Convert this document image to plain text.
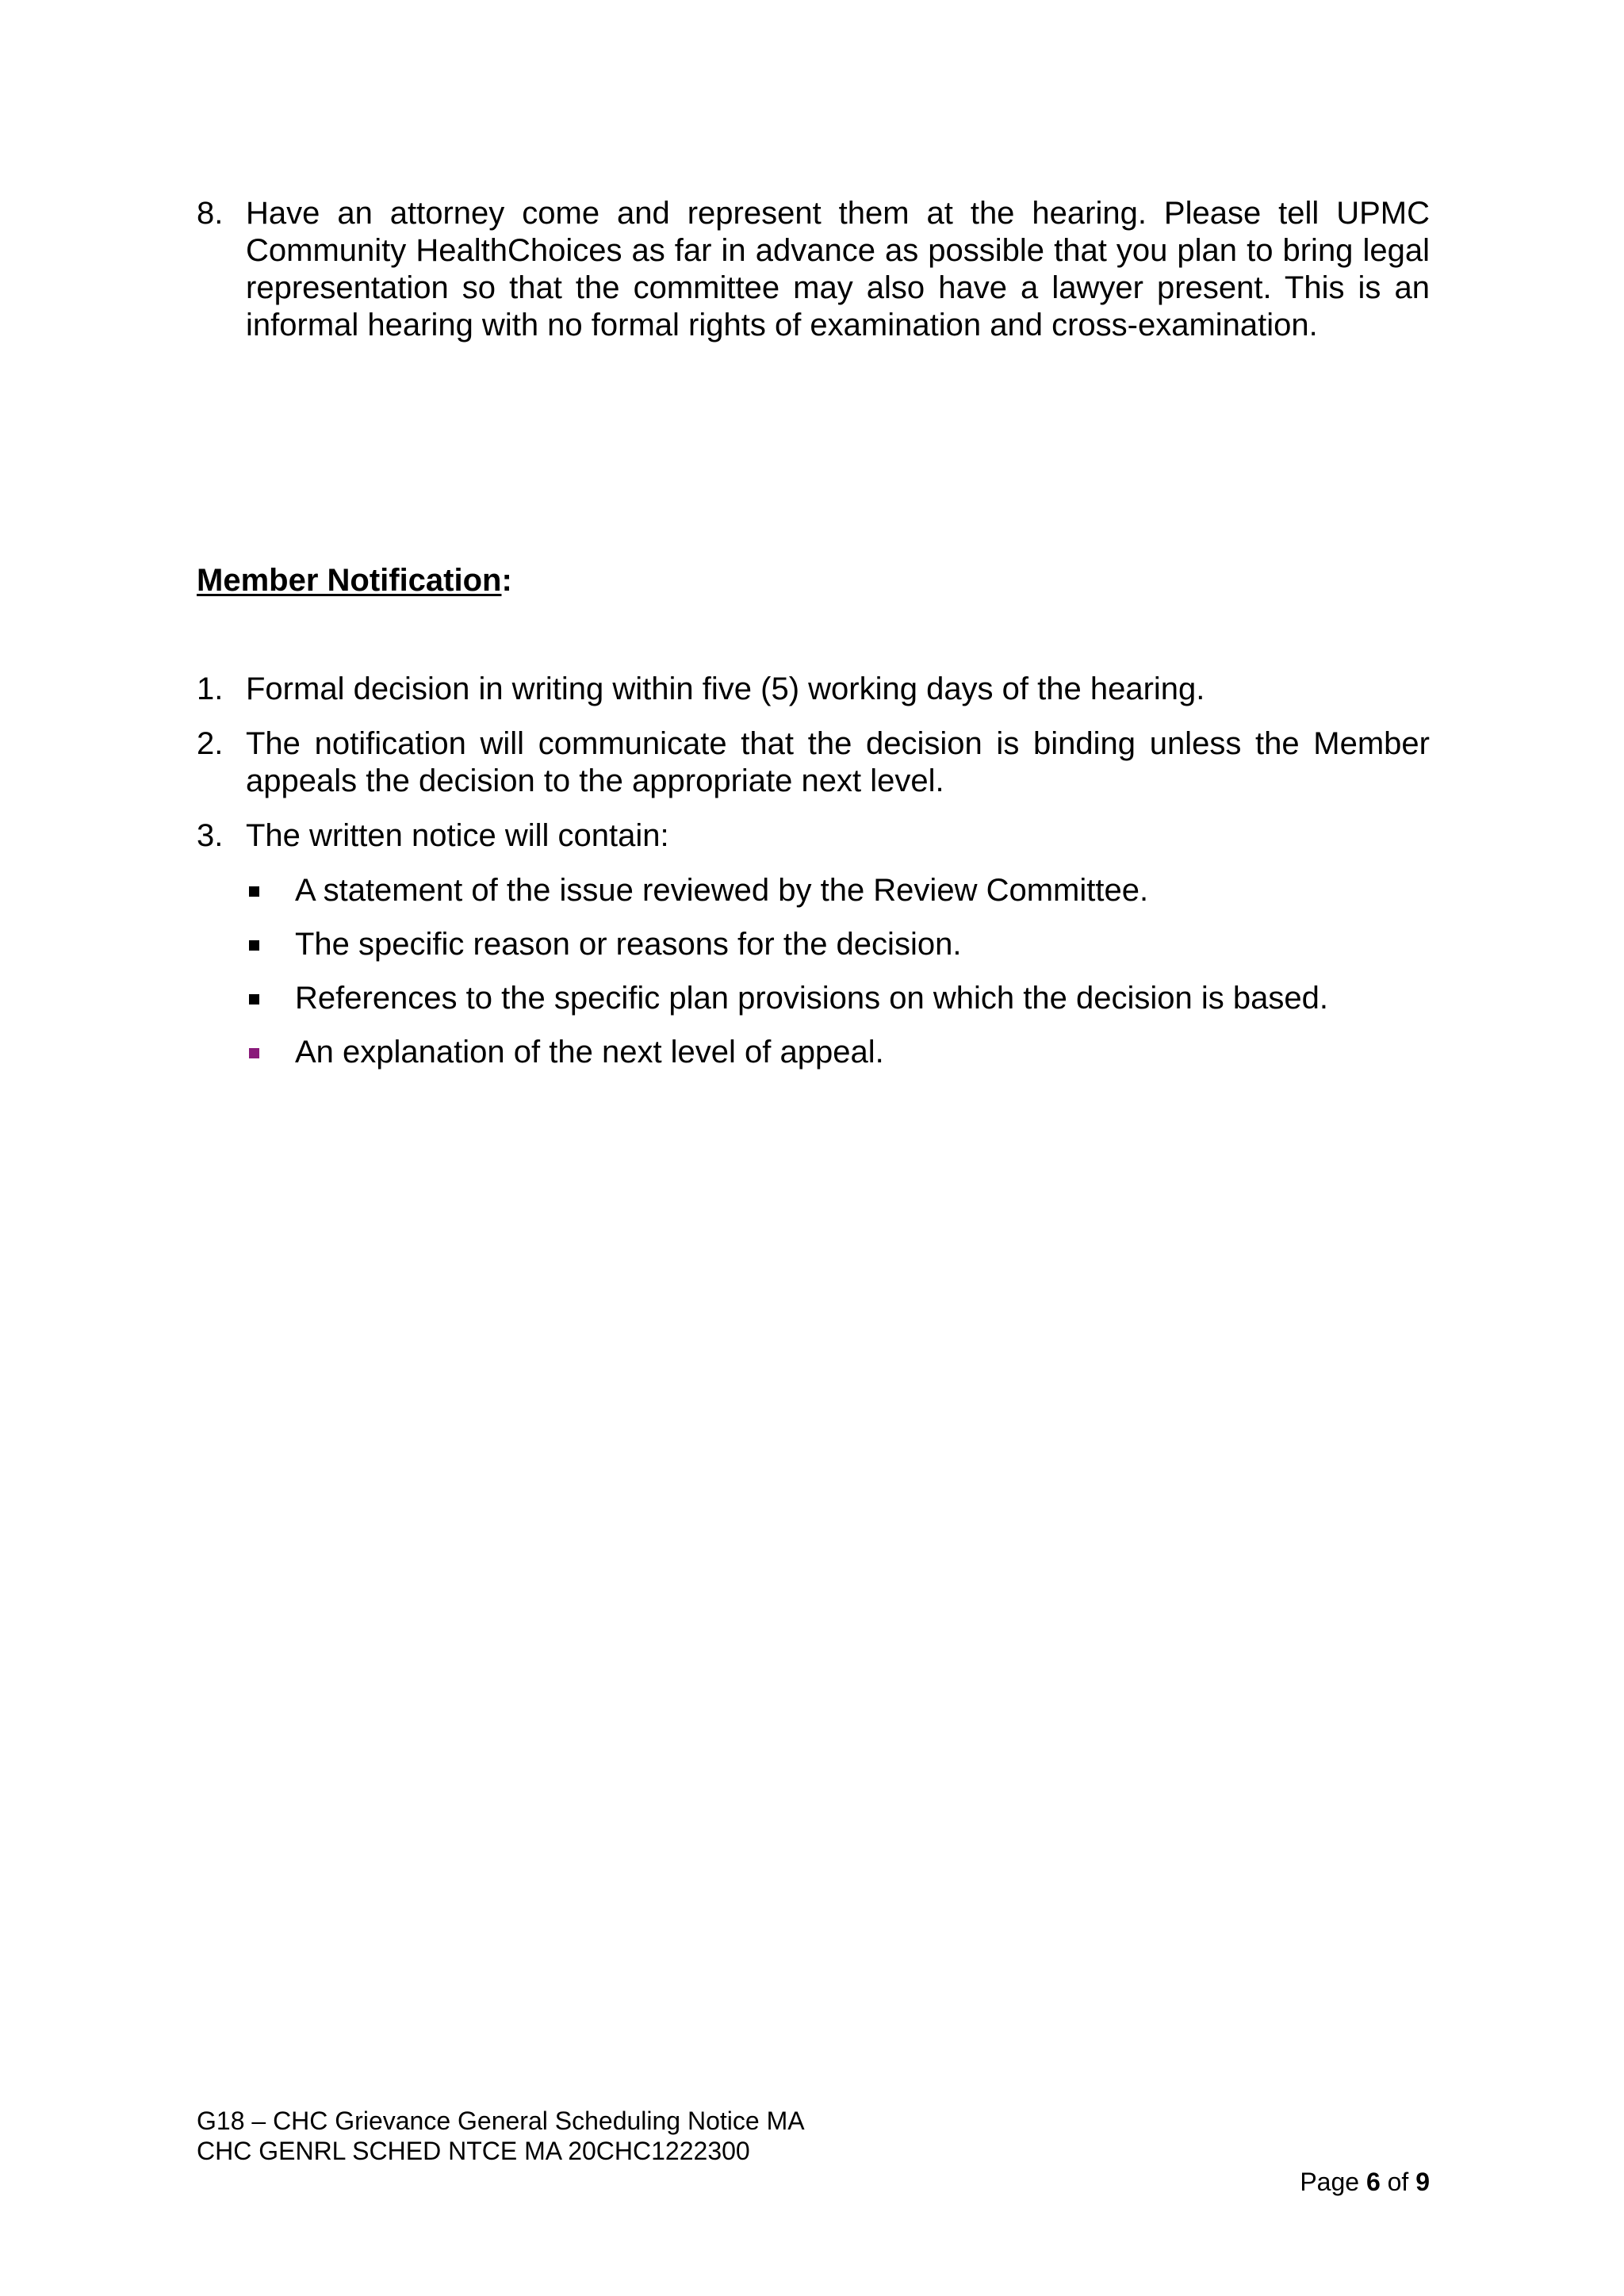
8. Have an attorney come and represent them at the hearing. Please tell UPMC Community HealthChoices as far in advance as possible that you plan to bring legal representation so that the committee may also have a lawyer present. This is an informal hearing with no formal rights of examination and cross-examination.
Member Notification:
1. Formal decision in writing within five (5) working days of the hearing.
2. The notification will communicate that the decision is binding unless the Member appeals the decision to the appropriate next level.
3. The written notice will contain:
A statement of the issue reviewed by the Review Committee.
The specific reason or reasons for the decision.
References to the specific plan provisions on which the decision is based.
An explanation of the next level of appeal.
G18 – CHC Grievance General Scheduling Notice MA
CHC GENRL SCHED NTCE MA 20CHC1222300
Page 6 of 9
